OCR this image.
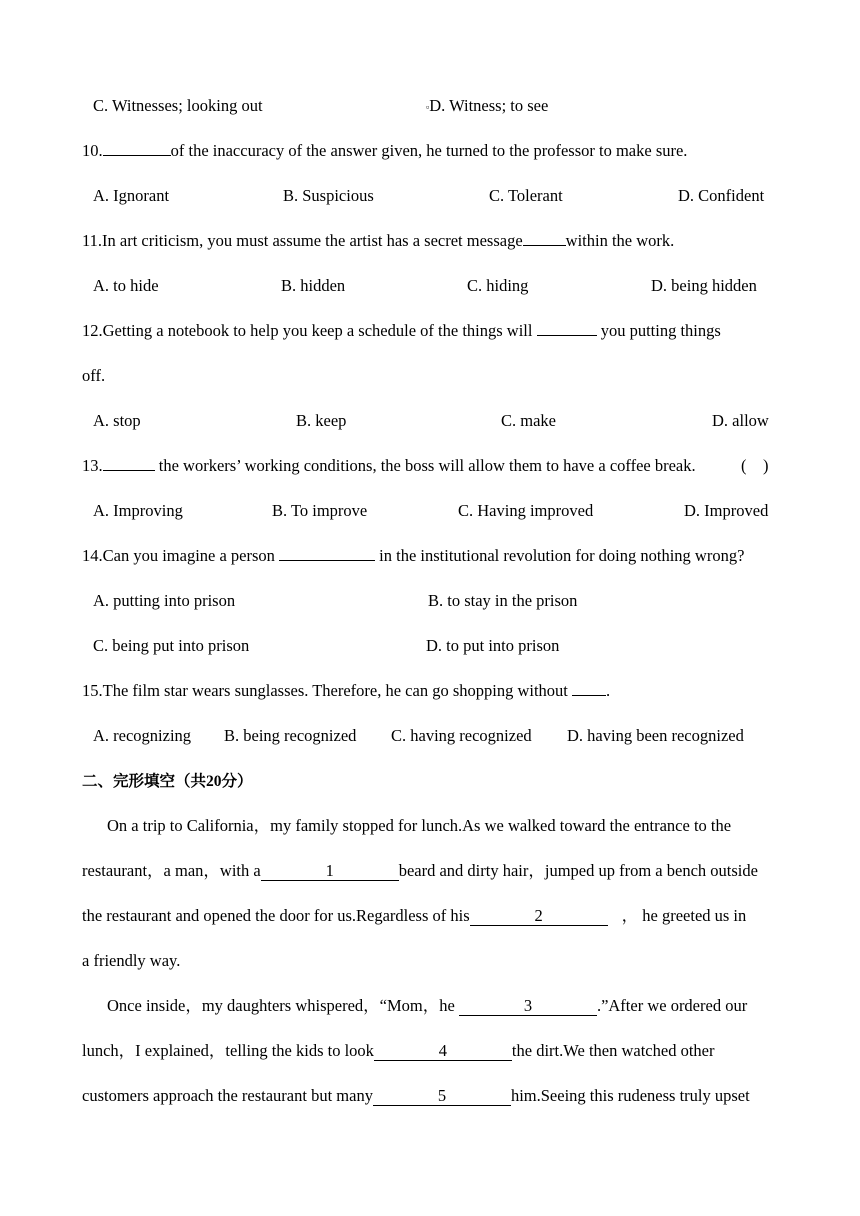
C. Witnesses; looking out	▫D. Witness; to see
10.	of the inaccuracy of the answer given, he turned to the professor to make sure.
A. Ignorant	B. Suspicious	C. Tolerant	D. Confident
11.In art criticism, you must assume the artist has a secret message	within the work.
A. to hide	B. hidden	C. hiding	D. being hidden
12.Getting a notebook to help you keep a schedule of the things will	you putting things
off.
A. stop	B. keep	C. make	D. allow
13.	the workers’ working conditions, the boss will allow them to have a coffee break.	(　)
A. Improving	B. To improve	C. Having improved	D. Improved
14.Can you imagine a person	in the institutional revolution for doing nothing wrong?
A. putting into prison	B. to stay in the prison
C. being put into prison	D. to put into prison
15.The film star wears sunglasses. Therefore, he can go shopping without .
A. recognizing B. being recognized C. having recognized D. having been recognized
二、完形填空（共20分）
On a trip to California，my family stopped for lunch.As we walked toward the entrance to the
restaurant，a man，with a	1	beard and dirty hair，jumped up from a bench outside
the restaurant and opened the door for us.Regardless of his	2	， he greeted us in
a friendly way.
Once inside，my daughters whispered，“Mom，he	3	.”After we ordered our
lunch，I explained，telling the kids to look	4	the dirt.We then watched other
customers approach the restaurant but many	5	him.Seeing this rudeness truly upset
